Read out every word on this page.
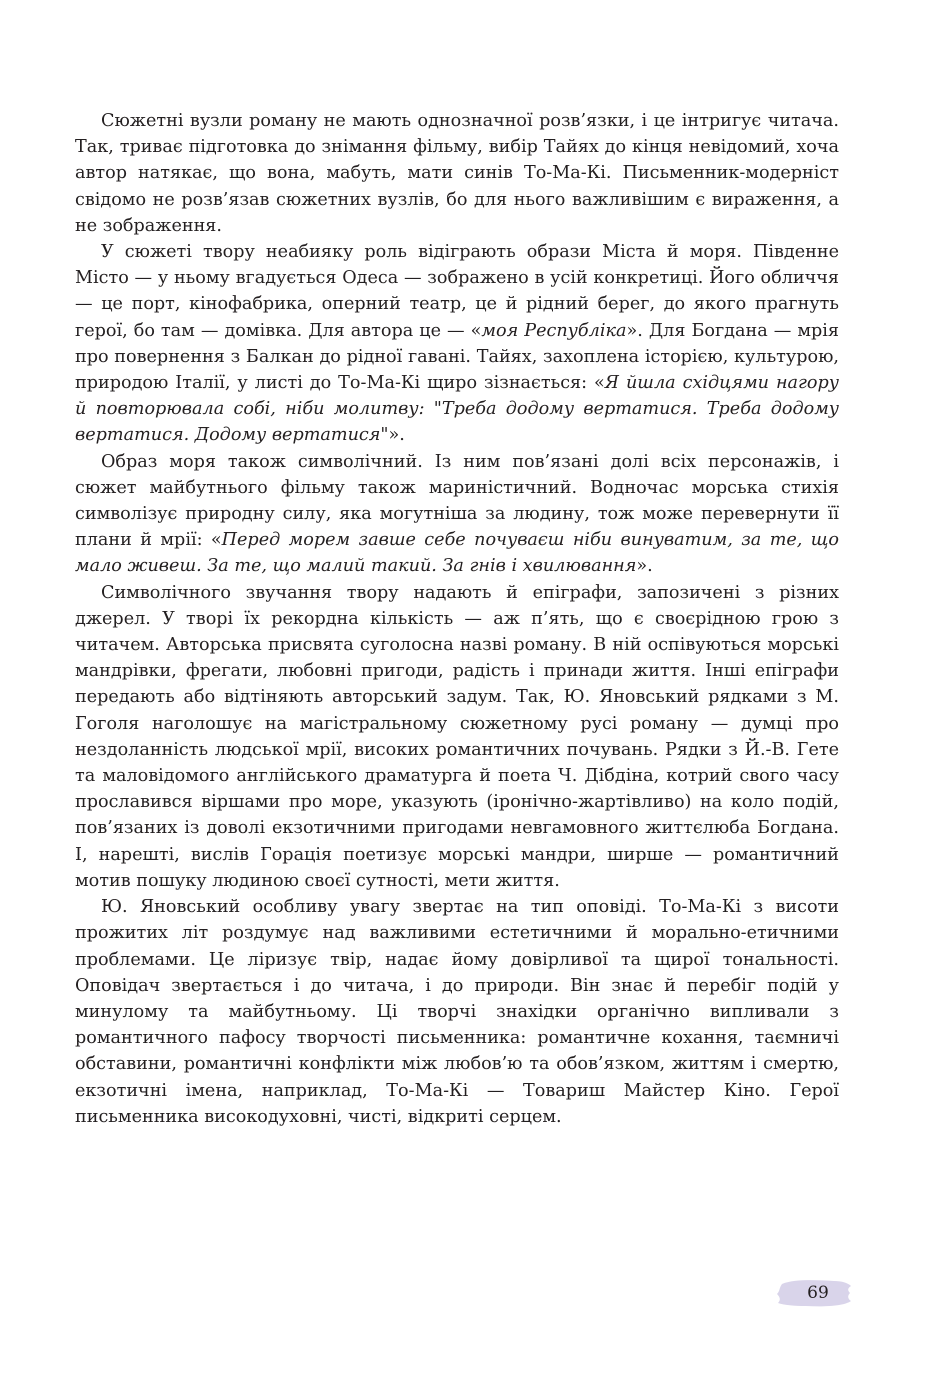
Сюжетні вузли роману не мають однозначної розв’язки, і це інтригує читача. Так, триває підготовка до знімання фільму, вибір Тайях до кінця невідомий, хоча автор натякає, що вона, мабуть, мати синів То-Ма-Кі. Письменник-модерніст свідомо не розв’язав сюжетних вузлів, бо для нього важливішим є вираження, а не зображення.

У сюжеті твору неабияку роль відіграють образи Міста й моря. Південне Місто — у ньому вгадується Одеса — зображено в усій конкретиці. Його обличчя — це порт, кінофабрика, оперний театр, це й рідний берег, до якого прагнуть герої, бо там — домівка. Для автора це — «моя Республіка». Для Богдана — мрія про повернення з Балкан до рідної гавані. Тайях, захоплена історією, культурою, природою Італії, у листі до То-Ма-Кі щиро зізнається: «Я йшла східцями нагору й повторювала собі, ніби молитву: "Треба додому вертатися. Треба додому вертатися. Додому вертатися"».

Образ моря також символічний. Із ним пов’язані долі всіх персонажів, і сюжет майбутнього фільму також мариністичний. Водночас морська стихія символізує природну силу, яка могутніша за людину, тож може перевернути її плани й мрії: «Перед морем завше себе почуваєш ніби винуватим, за те, що мало живеш. За те, що малий такий. За гнів і хвилювання».

Символічного звучання твору надають й епіграфи, запозичені з різних джерел. У творі їх рекордна кількість — аж п’ять, що є своєрідною грою з читачем. Авторська присвята суголосна назві роману. В ній оспівуються морські мандрівки, фрегати, любовні пригоди, радість і принади життя. Інші епіграфи передають або відтіняють авторський задум. Так, Ю. Яновський рядками з М. Гоголя наголошує на магістральному сюжетному русі роману — думці про нездоланність людської мрії, високих романтичних почувань. Рядки з Й.-В. Гете та маловідомого англійського драматурга й поета Ч. Дібдіна, котрий свого часу прославився віршами про море, указують (іронічно-жартівливо) на коло подій, пов’язаних із доволі екзотичними пригодами невгамовного життєлюба Богдана. І, нарешті, вислів Горація поетизує морські мандри, ширше — романтичний мотив пошуку людиною своєї сутності, мети життя.

Ю. Яновський особливу увагу звертає на тип оповіді. То-Ма-Кі з висоти прожитих літ роздумує над важливими естетичними й морально-етичними проблемами. Це ліризує твір, надає йому довірливої та щирої тональності. Оповідач звертається і до читача, і до природи. Він знає й перебіг подій у минулому та майбутньому. Ці творчі знахідки органічно випливали з романтичного пафосу творчості письменника: романтичне кохання, таємничі обставини, романтичні конфлікти між любов’ю та обов’язком, життям і смертю, екзотичні імена, наприклад, То-Ма-Кі — Товариш Майстер Кіно. Герої письменника високодуховні, чисті, відкриті серцем.

69
